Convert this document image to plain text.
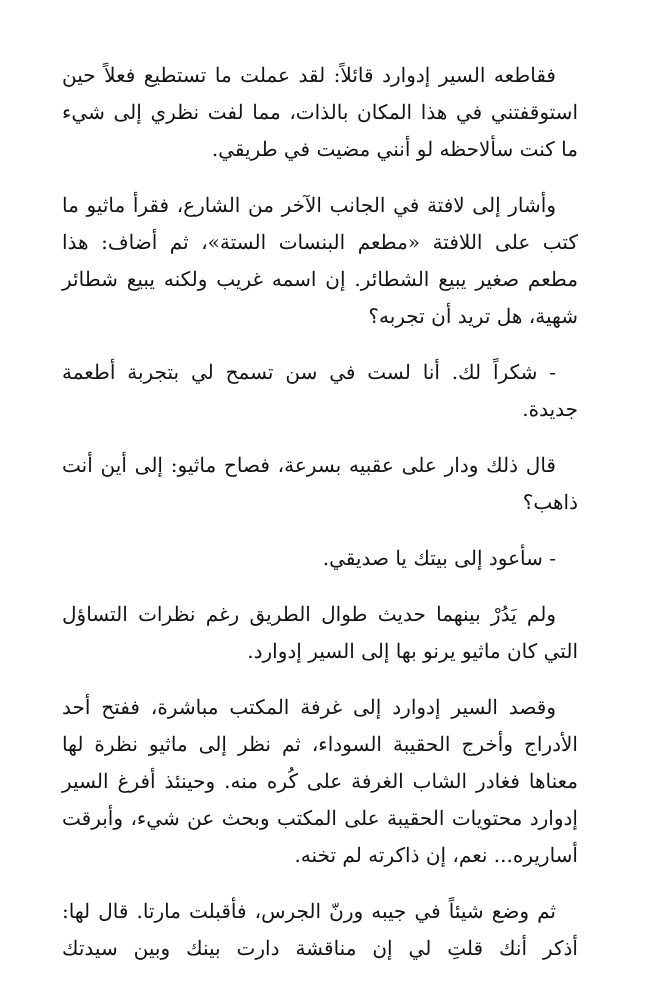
فقاطعه السير إدوارد قائلاً: لقد عملت ما تستطيع فعلاً حين استوقفتني في هذا المكان بالذات، مما لفت نظري إلى شيء ما كنت سألاحظه لو أنني مضيت في طريقي.

وأشار إلى لافتة في الجانب الآخر من الشارع، فقرأ ماثيو ما كتب على اللافتة «مطعم البنسات الستة»، ثم أضاف: هذا مطعم صغير يبيع الشطائر. إن اسمه غريب ولكنه يبيع شطائر شهية، هل تريد أن تجربه؟

- شكراً لك. أنا لست في سن تسمح لي بتجربة أطعمة جديدة.

قال ذلك ودار على عقبيه بسرعة، فصاح ماثيو: إلى أين أنت ذاهب؟

- سأعود إلى بيتك يا صديقي.

ولم يَدُرْ بينهما حديث طوال الطريق رغم نظرات التساؤل التي كان ماثيو يرنو بها إلى السير إدوارد.

وقصد السير إدوارد إلى غرفة المكتب مباشرة، ففتح أحد الأدراج وأخرج الحقيبة السوداء، ثم نظر إلى ماثيو نظرة لها معناها فغادر الشاب الغرفة على كُره منه. وحينئذ أفرغ السير إدوارد محتويات الحقيبة على المكتب وبحث عن شيء، وأبرقت أساريره... نعم، إن ذاكرته لم تخنه.

ثم وضع شيئاً في جيبه ورنّ الجرس، فأقبلت مارتا. قال لها: أذكر أنك قلتِ لي إن مناقشة دارت بينك وبين سيدتك
